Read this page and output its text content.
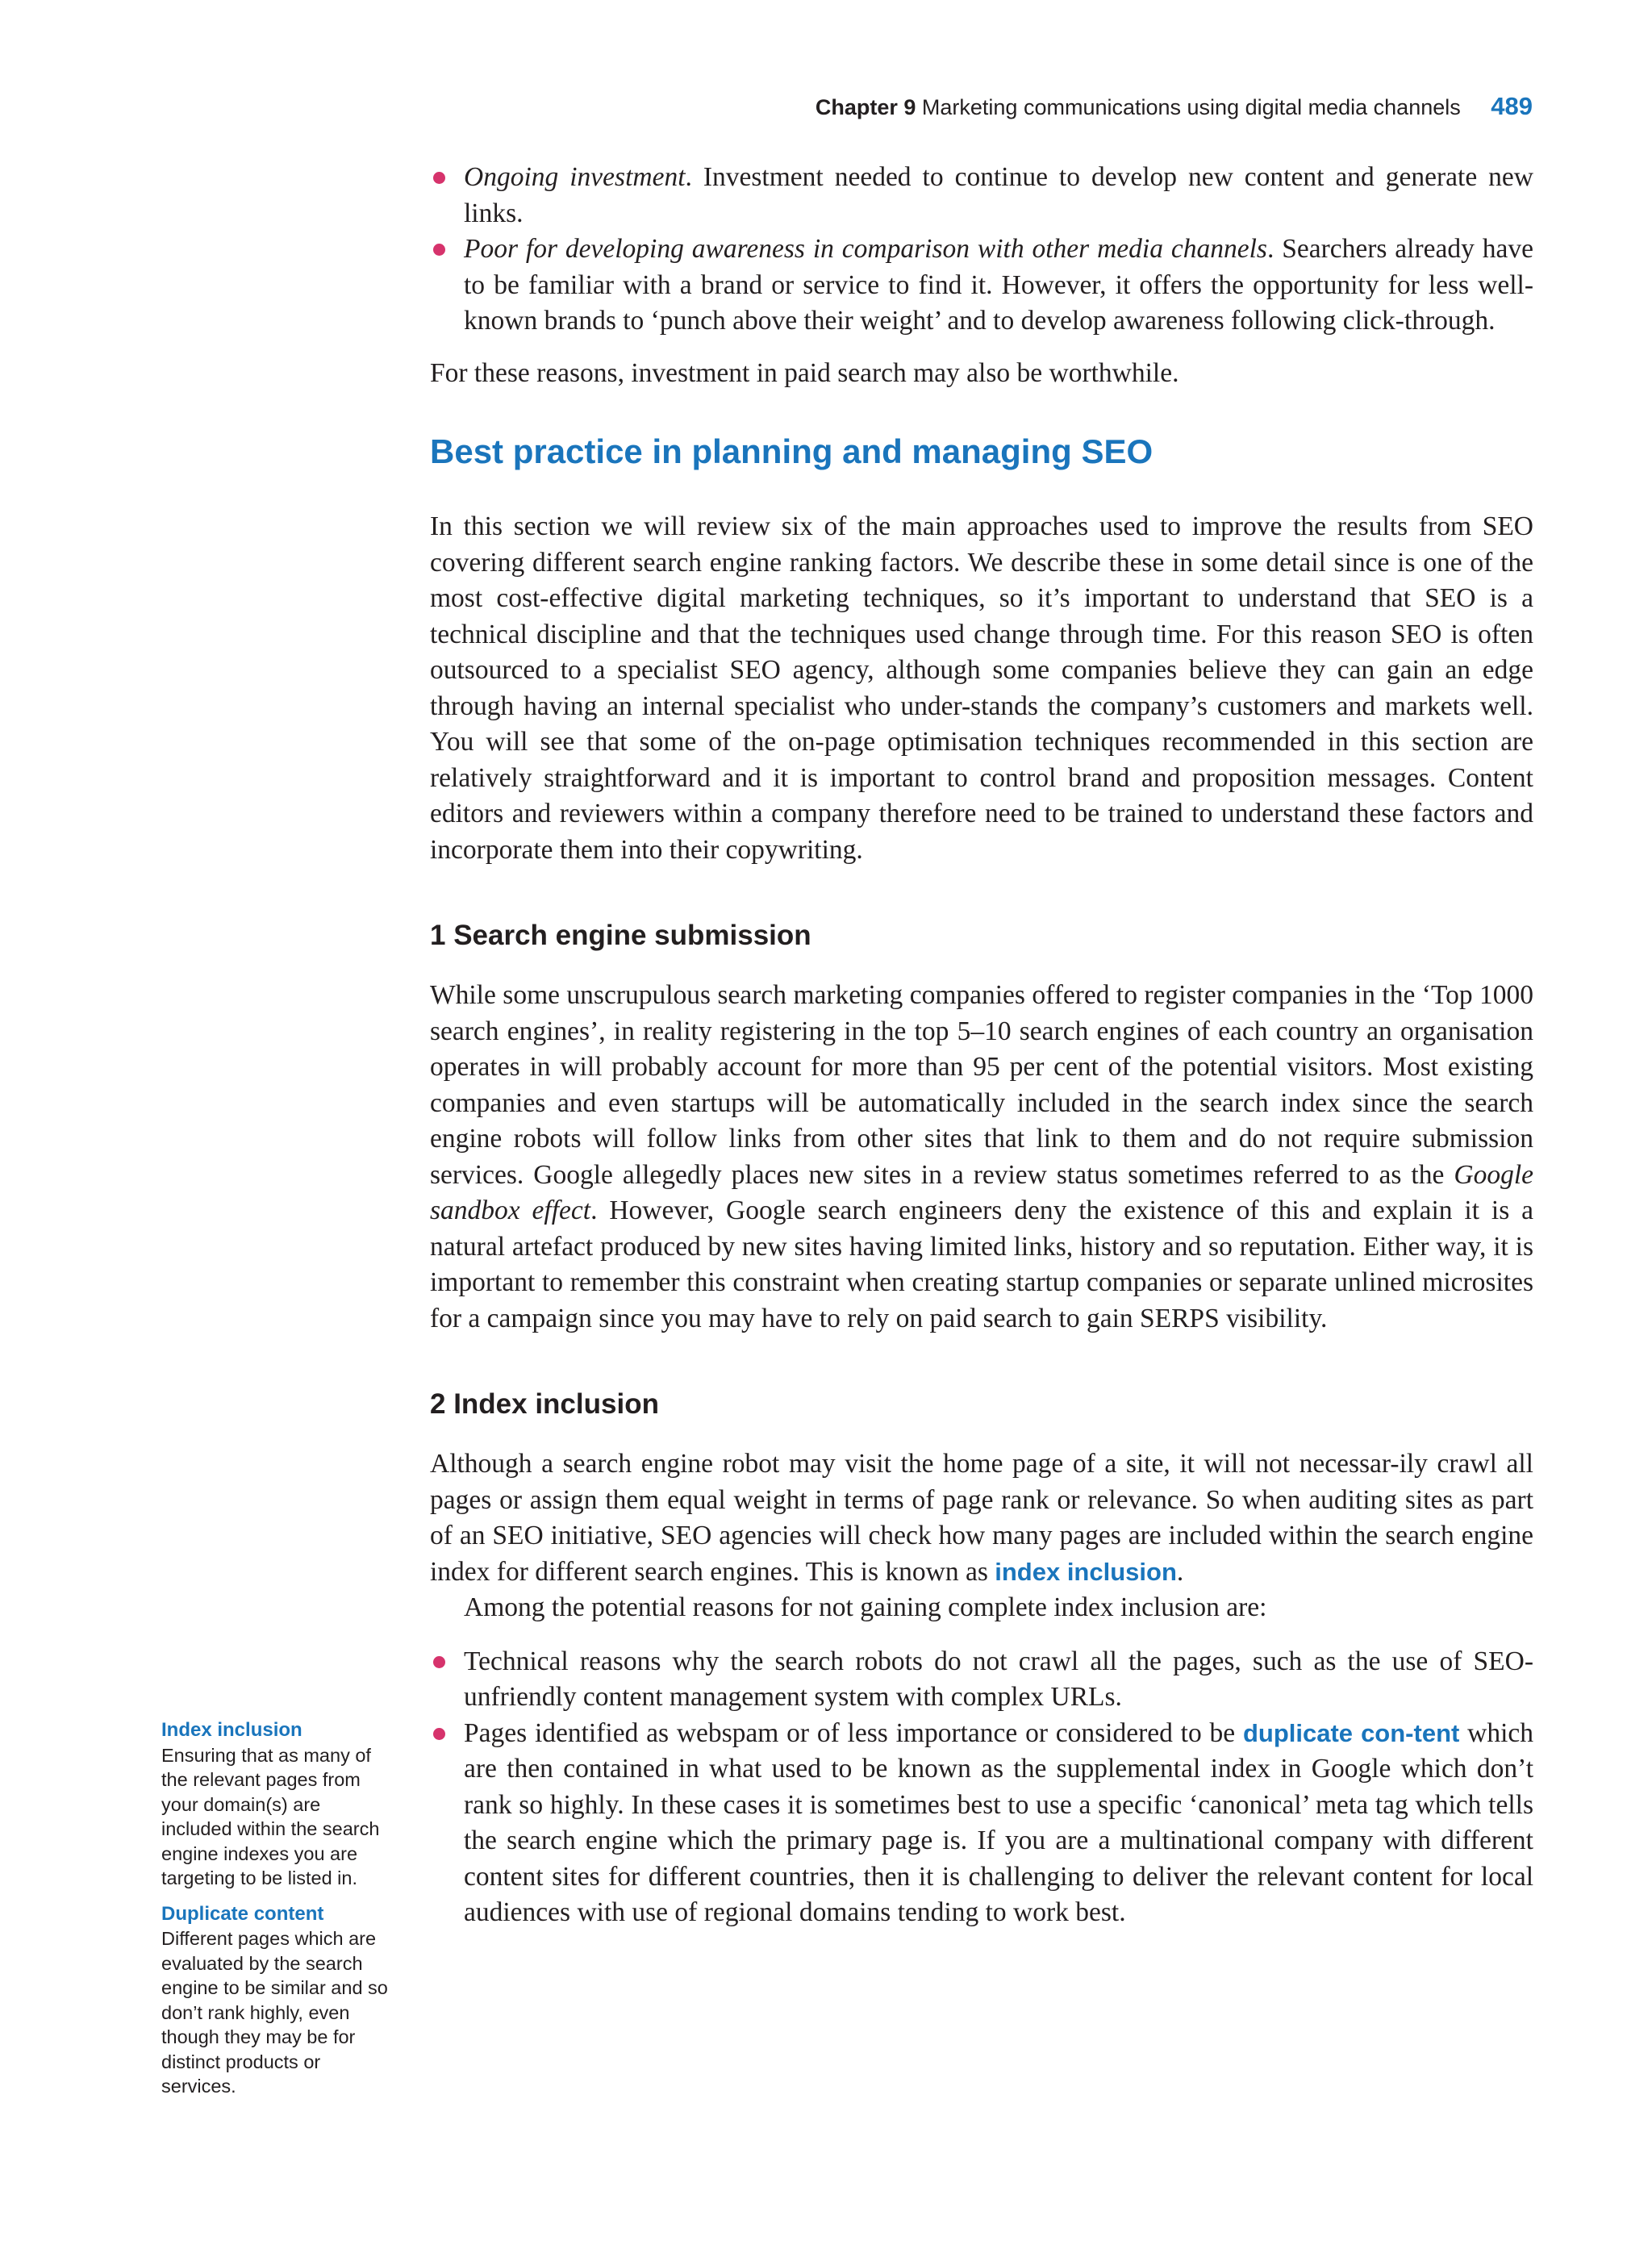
Chapter 9 Marketing communications using digital media channels 489
Ongoing investment. Investment needed to continue to develop new content and generate new links.
Poor for developing awareness in comparison with other media channels. Searchers already have to be familiar with a brand or service to find it. However, it offers the opportunity for less well-known brands to ‘punch above their weight’ and to develop awareness following click-through.

For these reasons, investment in paid search may also be worthwhile.

Best practice in planning and managing SEO

In this section we will review six of the main approaches used to improve the results from SEO covering different search engine ranking factors. We describe these in some detail since is one of the most cost-effective digital marketing techniques, so it’s important to understand that SEO is a technical discipline and that the techniques used change through time. For this reason SEO is often outsourced to a specialist SEO agency, although some companies believe they can gain an edge through having an internal specialist who under-stands the company’s customers and markets well. You will see that some of the on-page optimisation techniques recommended in this section are relatively straightforward and it is important to control brand and proposition messages. Content editors and reviewers within a company therefore need to be trained to understand these factors and incorporate them into their copywriting.

1 Search engine submission

While some unscrupulous search marketing companies offered to register companies in the ‘Top 1000 search engines’, in reality registering in the top 5–10 search engines of each country an organisation operates in will probably account for more than 95 per cent of the potential visitors. Most existing companies and even startups will be automatically included in the search index since the search engine robots will follow links from other sites that link to them and do not require submission services. Google allegedly places new sites in a review status sometimes referred to as the Google sandbox effect. However, Google search engineers deny the existence of this and explain it is a natural artefact produced by new sites having limited links, history and so reputation. Either way, it is important to remember this constraint when creating startup companies or separate unlined microsites for a campaign since you may have to rely on paid search to gain SERPS visibility.

2 Index inclusion

Although a search engine robot may visit the home page of a site, it will not necessar-ily crawl all pages or assign them equal weight in terms of page rank or relevance. So when auditing sites as part of an SEO initiative, SEO agencies will check how many pages are included within the search engine index for different search engines. This is known as index inclusion.

Among the potential reasons for not gaining complete index inclusion are:

Technical reasons why the search robots do not crawl all the pages, such as the use of SEO-unfriendly content management system with complex URLs.
Pages identified as webspam or of less importance or considered to be duplicate con-tent which are then contained in what used to be known as the supplemental index in Google which don’t rank so highly. In these cases it is sometimes best to use a specific ‘canonical’ meta tag which tells the search engine which the primary page is. If you are a multinational company with different content sites for different countries, then it is challenging to deliver the relevant content for local audiences with use of regional domains tending to work best.
Index inclusion
Ensuring that as many of the relevant pages from your domain(s) are included within the search engine indexes you are targeting to be listed in.
Duplicate content
Different pages which are evaluated by the search engine to be similar and so don’t rank highly, even though they may be for distinct products or services.
